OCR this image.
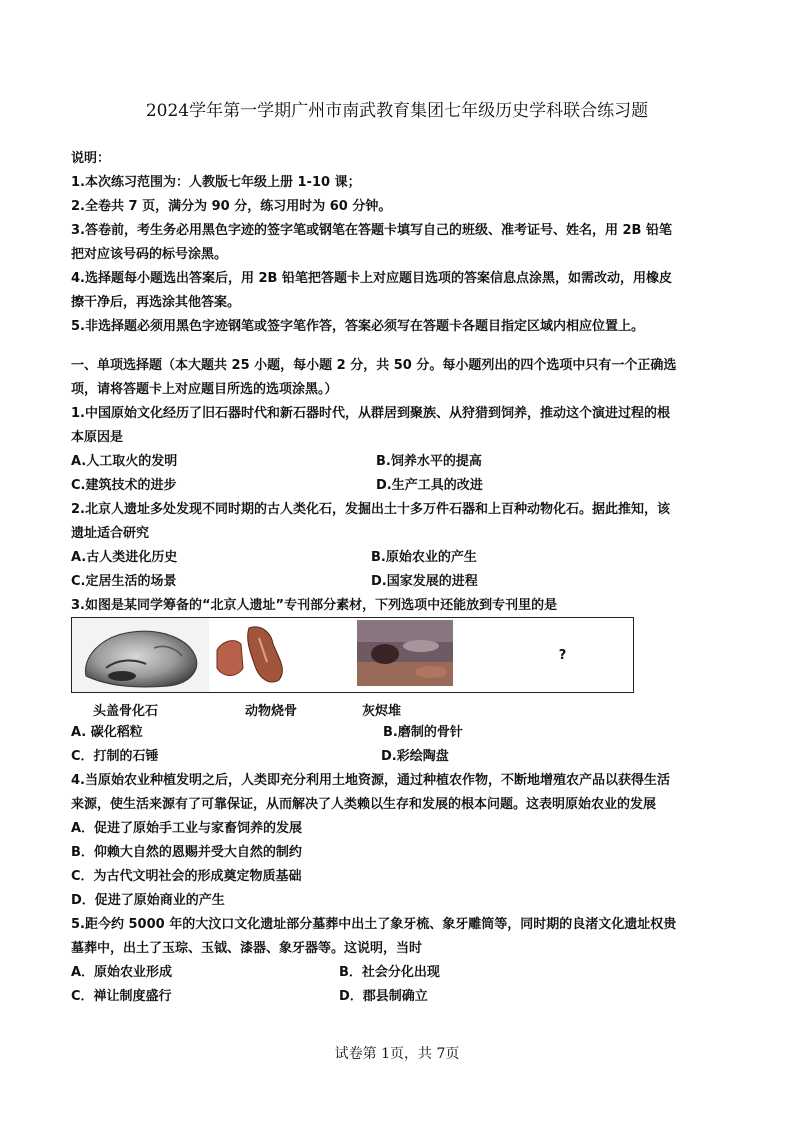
2024学年第一学期广州市南武教育集团七年级历史学科联合练习题
说明：
1.本次练习范围为：人教版七年级上册 1-10 课；
2.全卷共 7 页，满分为 90 分，练习用时为 60 分钟。
3.答卷前，考生务必用黑色字迹的签字笔或钢笔在答题卡填写自己的班级、准考证号、姓名，用 2B 铅笔
把对应该号码的标号涂黑。
4.选择题每小题选出答案后，用 2B 铅笔把答题卡上对应题目选项的答案信息点涂黑，如需改动，用橡皮
擦干净后，再选涂其他答案。
5.非选择题必须用黑色字迹钢笔或签字笔作答，答案必须写在答题卡各题目指定区域内相应位置上。
一、单项选择题（本大题共 25 小题，每小题 2 分，共 50 分。每小题列出的四个选项中只有一个正确选
项，请将答题卡上对应题目所选的选项涂黑。）
1.中国原始文化经历了旧石器时代和新石器时代，从群居到聚族、从狩猎到饲养，推动这个演进过程的根
本原因是
A.人工取火的发明	B.饲养水平的提高
C.建筑技术的进步	D.生产工具的改进
2.北京人遗址多处发现不同时期的古人类化石，发掘出土十多万件石器和上百种动物化石。据此推知，该
遗址适合研究
A.古人类进化历史	B.原始农业的产生
C.定居生活的场景	D.国家发展的进程
3.如图是某同学筹备的“北京人遗址”专刊部分素材，下列选项中还能放到专刊里的是
?
头盖骨化石	动物烧骨	灰烬堆
A. 碳化稻粒	B.磨制的骨针
C．打制的石锤	D.彩绘陶盘
4.当原始农业种植发明之后，人类即充分利用土地资源，通过种植农作物，不断地增殖农产品以获得生活
来源，使生活来源有了可靠保证，从而解决了人类赖以生存和发展的根本问题。这表明原始农业的发展
A．促进了原始手工业与家畜饲养的发展
B．仰赖大自然的恩赐并受大自然的制约
C．为古代文明社会的形成奠定物质基础
D．促进了原始商业的产生
5.距今约 5000 年的大汶口文化遗址部分墓葬中出土了象牙梳、象牙雕筒等，同时期的良渚文化遗址权贵
墓葬中，出土了玉琮、玉钺、漆器、象牙器等。这说明，当时
A．原始农业形成	B．社会分化出现
C．禅让制度盛行	D．郡县制确立
试卷第 1页，共 7页
